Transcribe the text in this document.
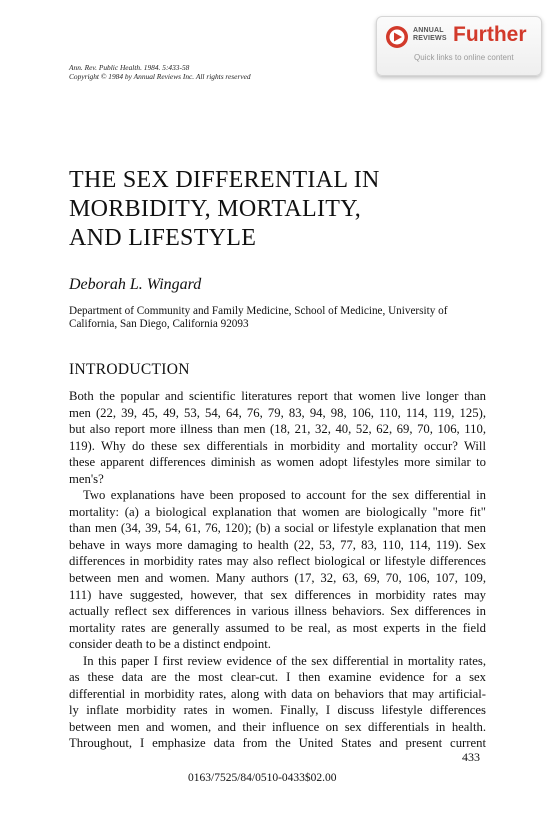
ANNUAL
REVIEWS Further
Quick links to online content
Ann. Rev. Public Health. 1984. 5:433-58
Copyright © 1984 by Annual Reviews Inc. All rights reserved
THE SEX DIFFERENTIAL IN
MORBIDITY, MORTALITY,
AND LIFESTYLE
Deborah L. Wingard
Department of Community and Family Medicine, School of Medicine, University of
California, San Diego, California 92093
INTRODUCTION
Both the popular and scientific literatures report that women live longer than
men (22, 39, 45, 49, 53, 54, 64, 76, 79, 83, 94, 98, 106, 110, 114, 119, 125),
but also report more illness than men (18, 21, 32, 40, 52, 62, 69, 70, 106, 110,
119). Why do these sex differentials in morbidity and mortality occur? Will
these apparent differences diminish as women adopt lifestyles more similar to
men's?
Two explanations have been proposed to account for the sex differential in
mortality: (a) a biological explanation that women are biologically "more fit"
than men (34, 39, 54, 61, 76, 120); (b) a social or lifestyle explanation that men
behave in ways more damaging to health (22, 53, 77, 83, 110, 114, 119). Sex
differences in morbidity rates may also reflect biological or lifestyle differences
between men and women. Many authors (17, 32, 63, 69, 70, 106, 107, 109,
111) have suggested, however, that sex differences in morbidity rates may
actually reflect sex differences in various illness behaviors. Sex differences in
mortality rates are generally assumed to be real, as most experts in the field
consider death to be a distinct endpoint.
In this paper I first review evidence of the sex differential in mortality rates,
as these data are the most clear-cut. I then examine evidence for a sex
differential in morbidity rates, along with data on behaviors that may artificial-
ly inflate morbidity rates in women. Finally, I discuss lifestyle differences
between men and women, and their influence on sex differentials in health.
Throughout, I emphasize data from the United States and present current
433
0163/7525/84/0510-0433$02.00
